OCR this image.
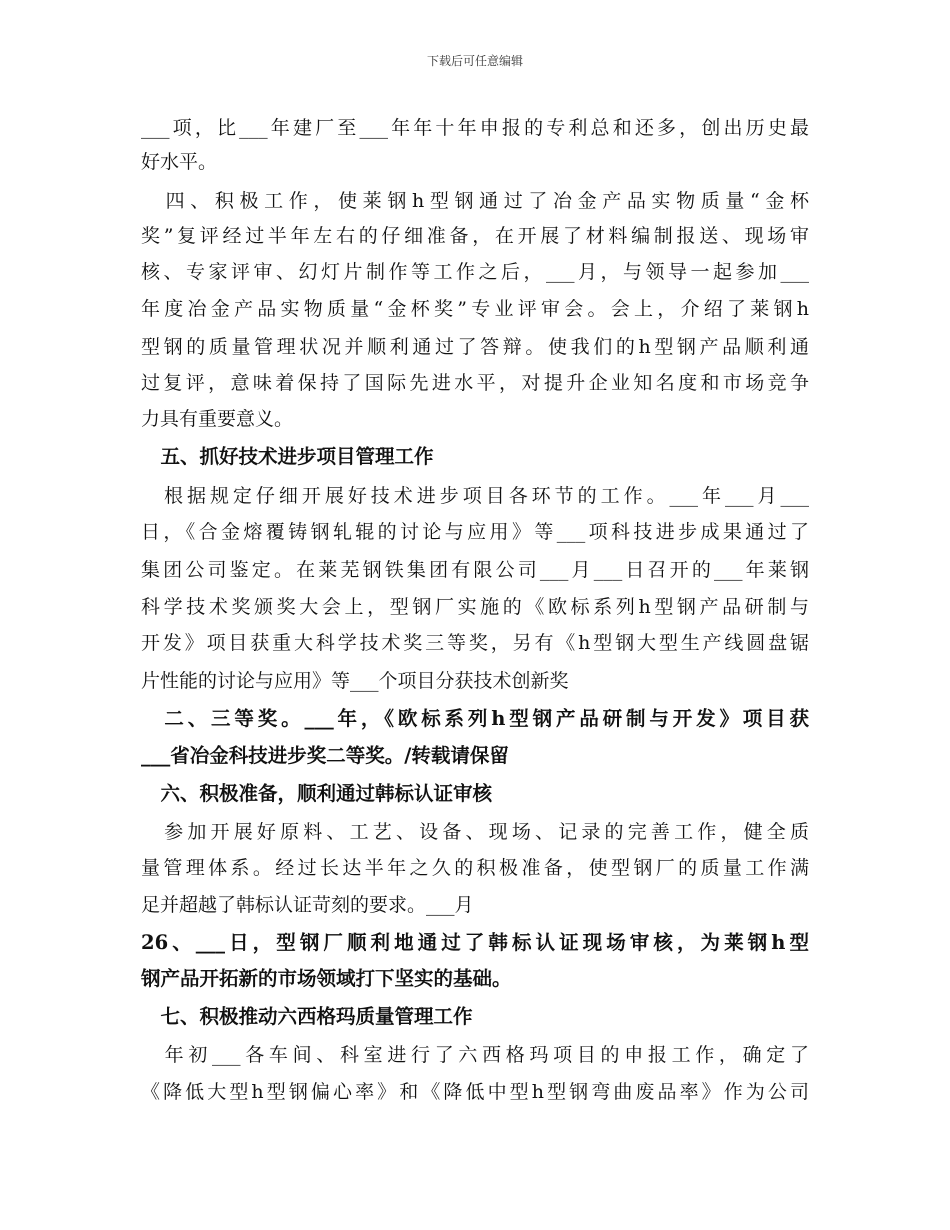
下载后可任意编辑
___项，比___年建厂至___年年十年申报的专利总和还多，创出历史最
好水平。
　四、积极工作，使莱钢h型钢通过了冶金产品实物质量“金杯
奖”复评经过半年左右的仔细准备，在开展了材料编制报送、现场审
核、专家评审、幻灯片制作等工作之后，___月，与领导一起参加___
年度冶金产品实物质量“金杯奖”专业评审会。会上，介绍了莱钢h
型钢的质量管理状况并顺利通过了答辩。使我们的h型钢产品顺利通
过复评，意味着保持了国际先进水平，对提升企业知名度和市场竞争
力具有重要意义。
　五、抓好技术进步项目管理工作
　根据规定仔细开展好技术进步项目各环节的工作。___年___月___
日，《合金熔覆铸钢轧辊的讨论与应用》等___项科技进步成果通过了
集团公司鉴定。在莱芜钢铁集团有限公司___月___日召开的___年莱钢
科学技术奖颁奖大会上，型钢厂实施的《欧标系列h型钢产品研制与
开发》项目获重大科学技术奖三等奖，另有《h型钢大型生产线圆盘锯
片性能的讨论与应用》等___个项目分获技术创新奖
　二、三等奖。___年，《欧标系列h型钢产品研制与开发》项目获
___省冶金科技进步奖二等奖。/转载请保留
　六、积极准备，顺利通过韩标认证审核
　参加开展好原料、工艺、设备、现场、记录的完善工作，健全质
量管理体系。经过长达半年之久的积极准备，使型钢厂的质量工作满
足并超越了韩标认证苛刻的要求。___月
26、___日，型钢厂顺利地通过了韩标认证现场审核，为莱钢h型
钢产品开拓新的市场领域打下坚实的基础。
　七、积极推动六西格玛质量管理工作
　年初___各车间、科室进行了六西格玛项目的申报工作，确定了
《降低大型h型钢偏心率》和《降低中型h型钢弯曲废品率》作为公司
